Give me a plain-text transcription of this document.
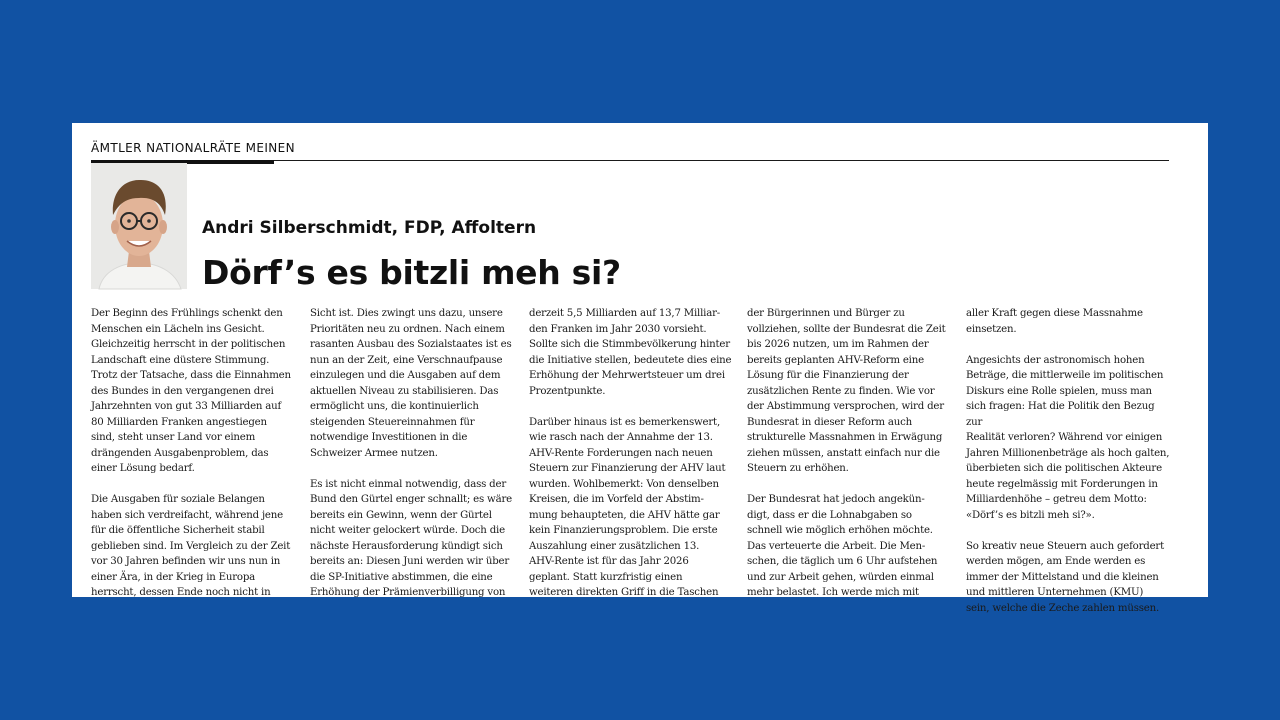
ÄMTLER NATIONALRÄTE MEINEN
Andri Silberschmidt, FDP, Affoltern
Dörf’s es bitzli meh si?

Der Beginn des Frühlings schenkt den
Menschen ein Lächeln ins Gesicht.
Gleichzeitig herrscht in der politischen
Landschaft eine düstere Stimmung.
Trotz der Tatsache, dass die Einnahmen
des Bundes in den vergangenen drei
Jahrzehnten von gut 33 Milliarden auf
80 Milliarden Franken angestiegen
sind, steht unser Land vor einem
drängenden Ausgabenproblem, das
einer Lösung bedarf.

Die Ausgaben für soziale Belangen
haben sich verdreifacht, während jene
für die öffentliche Sicherheit stabil
geblieben sind. Im Vergleich zu der Zeit
vor 30 Jahren befinden wir uns nun in
einer Ära, in der Krieg in Europa
herrscht, dessen Ende noch nicht in

Sicht ist. Dies zwingt uns dazu, unsere
Prioritäten neu zu ordnen. Nach einem
rasanten Ausbau des Sozialstaates ist es
nun an der Zeit, eine Verschnaufpause
einzulegen und die Ausgaben auf dem
aktuellen Niveau zu stabilisieren. Das
ermöglicht uns, die kontinuierlich
steigenden Steuereinnahmen für
notwendige Investitionen in die
Schweizer Armee nutzen.

Es ist nicht einmal notwendig, dass der
Bund den Gürtel enger schnallt; es wäre
bereits ein Gewinn, wenn der Gürtel
nicht weiter gelockert würde. Doch die
nächste Herausforderung kündigt sich
bereits an: Diesen Juni werden wir über
die SP-Initiative abstimmen, die eine
Erhöhung der Prämienverbilligung von

derzeit 5,5 Milliarden auf 13,7 Milliar-
den Franken im Jahr 2030 vorsieht.
Sollte sich die Stimmbevölkerung hinter
die Initiative stellen, bedeutete dies eine
Erhöhung der Mehrwertsteuer um drei
Prozentpunkte.

Darüber hinaus ist es bemerkenswert,
wie rasch nach der Annahme der 13.
AHV-Rente Forderungen nach neuen
Steuern zur Finanzierung der AHV laut
wurden. Wohlbemerkt: Von denselben
Kreisen, die im Vorfeld der Abstim-
mung behaupteten, die AHV hätte gar
kein Finanzierungsproblem. Die erste
Auszahlung einer zusätzlichen 13.
AHV-Rente ist für das Jahr 2026
geplant. Statt kurzfristig einen
weiteren direkten Griff in die Taschen

der Bürgerinnen und Bürger zu
vollziehen, sollte der Bundesrat die Zeit
bis 2026 nutzen, um im Rahmen der
bereits geplanten AHV-Reform eine
Lösung für die Finanzierung der
zusätzlichen Rente zu finden. Wie vor
der Abstimmung versprochen, wird der
Bundesrat in dieser Reform auch
strukturelle Massnahmen in Erwägung
ziehen müssen, anstatt einfach nur die
Steuern zu erhöhen.

Der Bundesrat hat jedoch angekün-
digt, dass er die Lohnabgaben so
schnell wie möglich erhöhen möchte.
Das verteuerte die Arbeit. Die Men-
schen, die täglich um 6 Uhr aufstehen
und zur Arbeit gehen, würden einmal
mehr belastet. Ich werde mich mit

aller Kraft gegen diese Massnahme
einsetzen.

Angesichts der astronomisch hohen
Beträge, die mittlerweile im politischen
Diskurs eine Rolle spielen, muss man
sich fragen: Hat die Politik den Bezug zur
Realität verloren? Während vor einigen
Jahren Millionenbeträge als hoch galten,
überbieten sich die politischen Akteure
heute regelmässig mit Forderungen in
Milliardenhöhe – getreu dem Motto:
«Dörf’s es bitzli meh si?».

So kreativ neue Steuern auch gefordert
werden mögen, am Ende werden es
immer der Mittelstand und die kleinen
und mittleren Unternehmen (KMU)
sein, welche die Zeche zahlen müssen.
